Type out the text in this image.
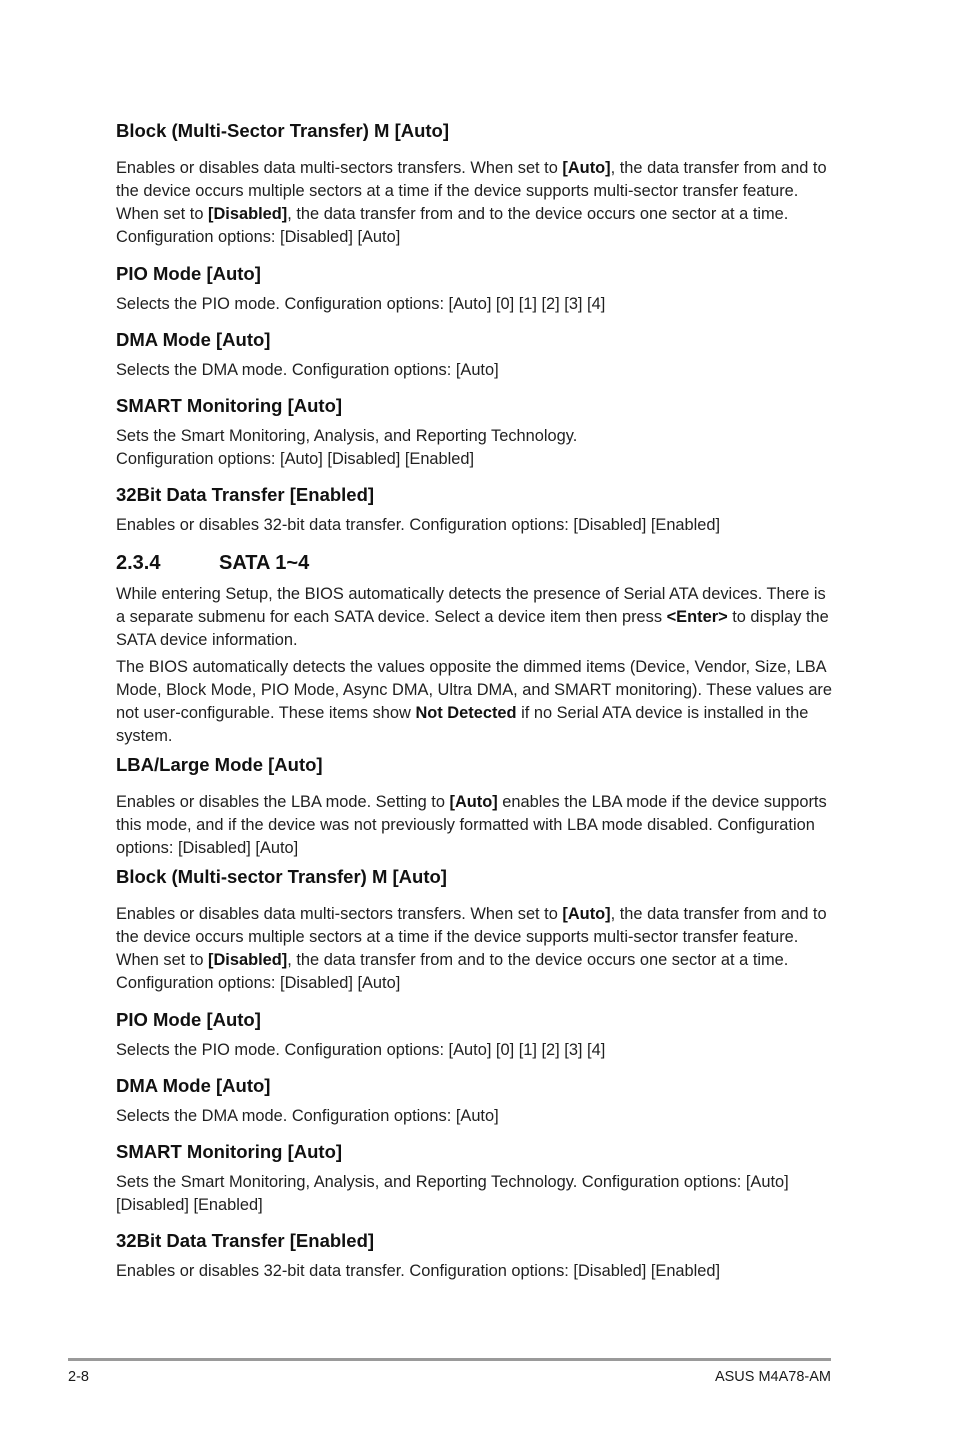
Block (Multi-Sector Transfer) M [Auto]

Enables or disables data multi-sectors transfers. When set to [Auto], the data transfer from and to the device occurs multiple sectors at a time if the device supports multi-sector transfer feature. When set to [Disabled], the data transfer from and to the device occurs one sector at a time. Configuration options: [Disabled] [Auto]

PIO Mode [Auto]

Selects the PIO mode. Configuration options: [Auto] [0] [1] [2] [3] [4]

DMA Mode [Auto]

Selects the DMA mode. Configuration options: [Auto]

SMART Monitoring [Auto]

Sets the Smart Monitoring, Analysis, and Reporting Technology.

Configuration options: [Auto] [Disabled] [Enabled]

32Bit Data Transfer [Enabled]

Enables or disables 32-bit data transfer. Configuration options: [Disabled] [Enabled]

2.3.4	SATA 1~4

While entering Setup, the BIOS automatically detects the presence of Serial ATA devices. There is a separate submenu for each SATA device. Select a device item then press <Enter> to display the SATA device information.

The BIOS automatically detects the values opposite the dimmed items (Device, Vendor, Size, LBA Mode, Block Mode, PIO Mode, Async DMA, Ultra DMA, and SMART monitoring). These values are not user-configurable. These items show Not Detected if no Serial ATA device is installed in the system.

LBA/Large Mode [Auto]

Enables or disables the LBA mode. Setting to [Auto] enables the LBA mode if the device supports this mode, and if the device was not previously formatted with LBA mode disabled. Configuration options: [Disabled] [Auto]

Block (Multi-sector Transfer) M [Auto]

Enables or disables data multi-sectors transfers. When set to [Auto], the data transfer from and to the device occurs multiple sectors at a time if the device supports multi-sector transfer feature. When set to [Disabled], the data transfer from and to the device occurs one sector at a time. Configuration options: [Disabled] [Auto]

PIO Mode [Auto]

Selects the PIO mode. Configuration options: [Auto] [0] [1] [2] [3] [4]

DMA Mode [Auto]

Selects the DMA mode. Configuration options: [Auto]

SMART Monitoring [Auto]

Sets the Smart Monitoring, Analysis, and Reporting Technology. Configuration options: [Auto] [Disabled] [Enabled]

32Bit Data Transfer [Enabled]

Enables or disables 32-bit data transfer. Configuration options: [Disabled] [Enabled]

2-8	ASUS M4A78-AM
